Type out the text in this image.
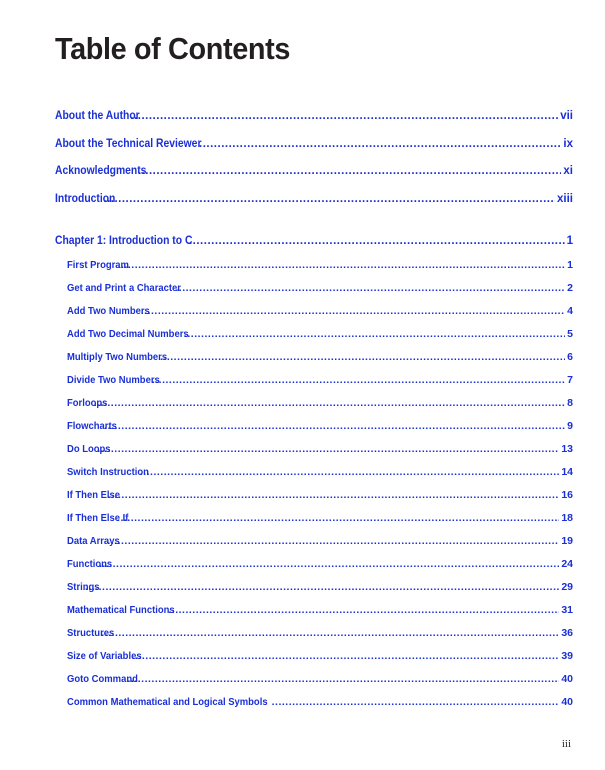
Table of Contents
About the Author .....	vii
About the Technical Reviewer .....	ix
Acknowledgments .....	xi
Introduction .....	xiii
Chapter 1: Introduction to C .....	1
First Program .....	1
Get and Print a Character .....	2
Add Two Numbers .....	4
Add Two Decimal Numbers .....	5
Multiply Two Numbers .....	6
Divide Two Numbers .....	7
Forloops .....	8
Flowcharts .....	9
Do Loops .....	13
Switch Instruction .....	14
If Then Else .....	16
If Then Else If .....	18
Data Arrays .....	19
Functions .....	24
Strings .....	29
Mathematical Functions .....	31
Structures .....	36
Size of Variables .....	39
Goto Command .....	40
Common Mathematical and Logical Symbols .....	40
iii
